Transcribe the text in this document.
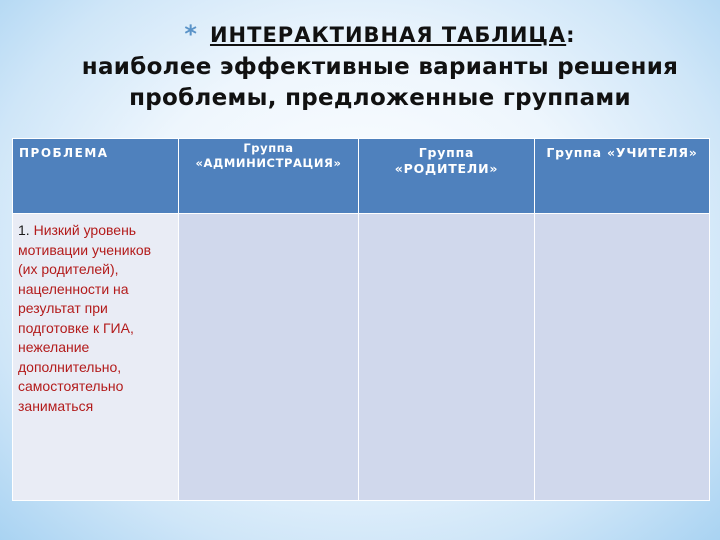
* ИНТЕРАКТИВНАЯ ТАБЛИЦА:
наиболее эффективные варианты решения проблемы, предложенные группами
ПРОБЛЕМА	Группа «АДМИНИСТРАЦИЯ»	Группа «РОДИТЕЛИ»	Группа «УЧИТЕЛЯ»

1. Низкий уровень мотивации учеников (их родителей), нацеленности на результат при подготовке к ГИА, нежелание дополнительно, самостоятельно заниматься			
